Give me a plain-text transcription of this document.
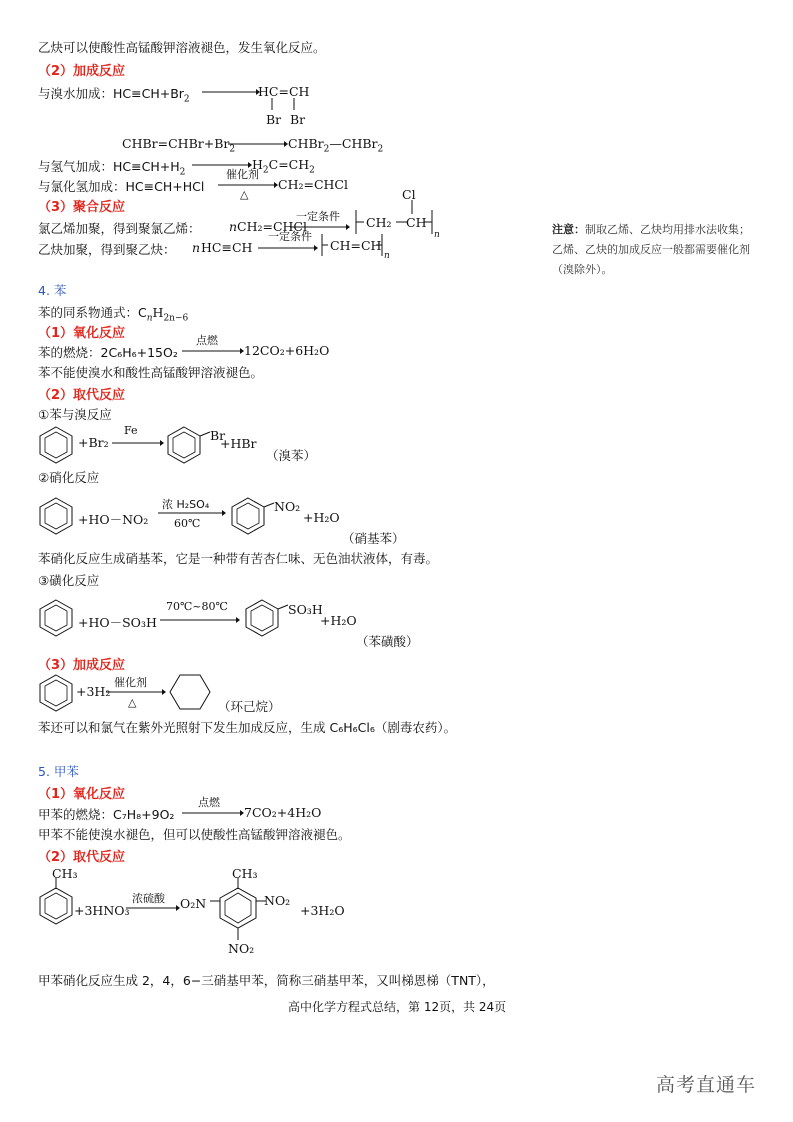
乙炔可以使酸性高锰酸钾溶液褪色，发生氧化反应。
（2）加成反应
与溴水加成：$HC\equiv CH+Br_2$
HC=CH
Br Br
$CHBr=CHBr+Br_2$	CHBr$_2$—CHBr$_2$
与氢气加成：$HC\equiv CH+H_2$
$H_2C=CH_2$
与氯化氢加成：HC≡CH+HCl
催化剂
△
CH₂=CHCl
（3）聚合反应
氯乙烯加聚，得到聚氯乙烯： n CH₂=CHCl
一定条件
Cl
CH₂ CH
n
乙炔加聚，得到聚乙炔： n HC≡CH
一定条件
CH=CH
n
注意：制取乙烯、乙炔均用排水法收集；乙烯、乙炔的加成反应一般都需要催化剂（溴除外）。
4. 苯
苯的同系物通式：$C_nH_{2n-6}$
（1）氧化反应
苯的燃烧：2C₆H₆+15O₂
点燃
12CO₂+6H₂O
苯不能使溴水和酸性高锰酸钾溶液褪色。
（2）取代反应
①苯与溴反应
+Br₂
Fe	Br
+HBr
（溴苯）
②硝化反应
+HO－NO₂
浓 H₂SO₄
60℃
NO₂
+H₂O
（硝基苯）
苯硝化反应生成硝基苯，它是一种带有苦杏仁味、无色油状液体，有毒。
③磺化反应
+HO－SO₃H
70℃~80℃	SO₃H
+H₂O
（苯磺酸）
（3）加成反应
+3H₂
催化剂
△	（环己烷）
苯还可以和氯气在紫外光照射下发生加成反应，生成 C₆H₆Cl₆（剧毒农药）。
5. 甲苯
（1）氧化反应
甲苯的燃烧：C₇H₈+9O₂
点燃
7CO₂+4H₂O
甲苯不能使溴水褪色，但可以使酸性高锰酸钾溶液褪色。
（2）取代反应
CH₃
+3HNO₃
浓硫酸 O₂N
CH₃
NO₂
+3H₂O
NO₂
甲苯硝化反应生成 2，4，6−三硝基甲苯，简称三硝基甲苯，又叫梯恩梯（TNT），
高中化学方程式总结，第 12页，共 24页
高考直通车
